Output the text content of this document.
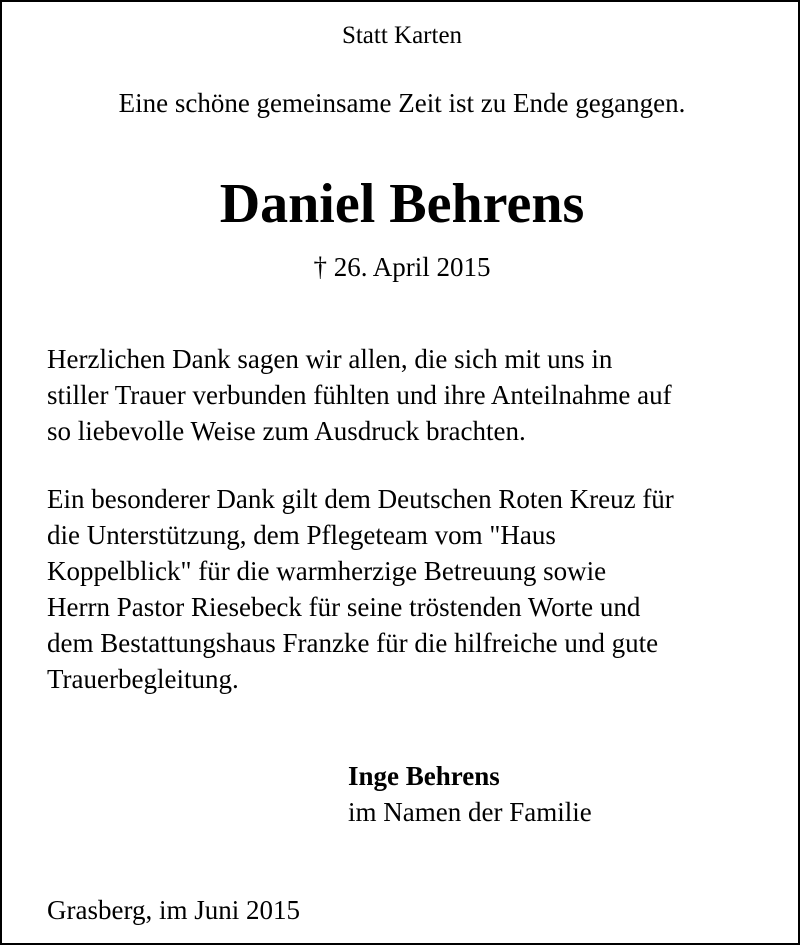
Statt Karten
Eine schöne gemeinsame Zeit ist zu Ende gegangen.
Daniel Behrens
† 26. April 2015
Herzlichen Dank sagen wir allen, die sich mit uns in
stiller Trauer verbunden fühlten und ihre Anteilnahme auf
so liebevolle Weise zum Ausdruck brachten.
Ein besonderer Dank gilt dem Deutschen Roten Kreuz für
die Unterstützung, dem Pflegeteam vom "Haus
Koppelblick" für die warmherzige Betreuung sowie
Herrn Pastor Riesebeck für seine tröstenden Worte und
dem Bestattungshaus Franzke für die hilfreiche und gute
Trauerbegleitung.
Inge Behrens
im Namen der Familie
Grasberg, im Juni 2015
